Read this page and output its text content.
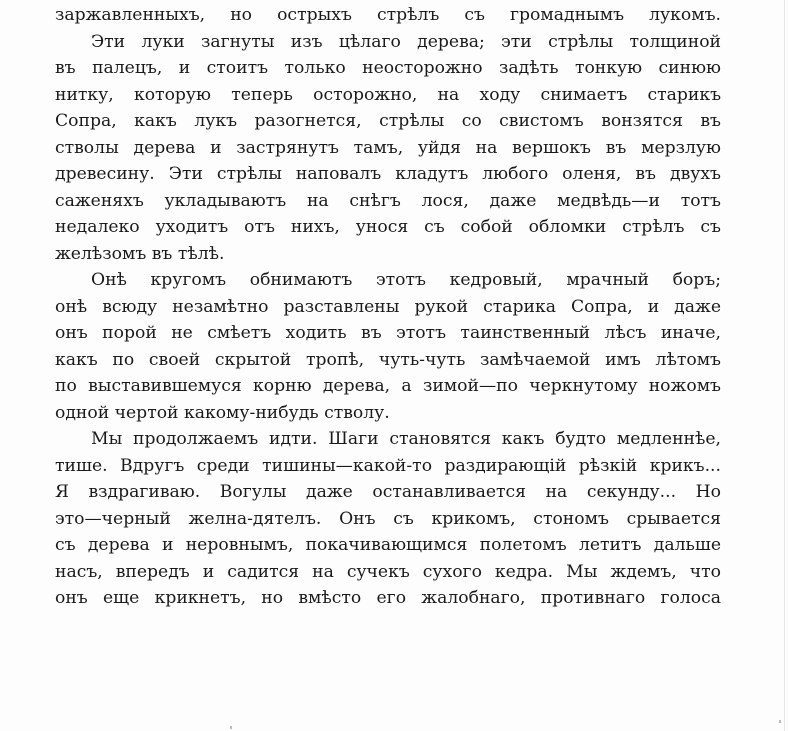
заржавленныхъ, но острыхъ стрѣлъ съ громаднымъ лукомъ.
Эти луки загнуты изъ цѣлаго дерева; эти стрѣлы толщиной
въ палецъ, и стоитъ только неосторожно задѣть тонкую синюю
нитку, которую теперь осторожно, на ходу снимаетъ старикъ
Сопра, какъ лукъ разогнется, стрѣлы со свистомъ вонзятся въ
стволы дерева и застрянутъ тамъ, уйдя на вершокъ въ мерзлую
древесину. Эти стрѣлы наповалъ кладутъ любого оленя, въ двухъ
саженяхъ укладываютъ на снѣгъ лося, даже медвѣдь—и тотъ
недалеко уходитъ отъ нихъ, унося съ собой обломки стрѣлъ съ
желѣзомъ въ тѣлѣ.
Онѣ кругомъ обнимаютъ этотъ кедровый, мрачный боръ;
онѣ всюду незамѣтно разставлены рукой старика Сопра, и даже
онъ порой не смѣетъ ходить въ этотъ таинственный лѣсъ иначе,
какъ по своей скрытой тропѣ, чуть-чуть замѣчаемой имъ лѣтомъ
по выставившемуся корню дерева, а зимой—по черкнутому ножомъ
одной чертой какому-нибудь стволу.
Мы продолжаемъ идти. Шаги становятся какъ будто медленнѣе,
тише. Вдругъ среди тишины—какой-то раздирающій рѣзкій крикъ...
Я вздрагиваю. Вогулы даже останавливается на секунду... Но
это—черный желна-дятелъ. Онъ съ крикомъ, стономъ срывается
съ дерева и неровнымъ, покачивающимся полетомъ летитъ дальше
насъ, впередъ и садится на сучекъ сухого кедра. Мы ждемъ, что
онъ еще крикнетъ, но вмѣсто его жалобнаго, противнаго голоса
